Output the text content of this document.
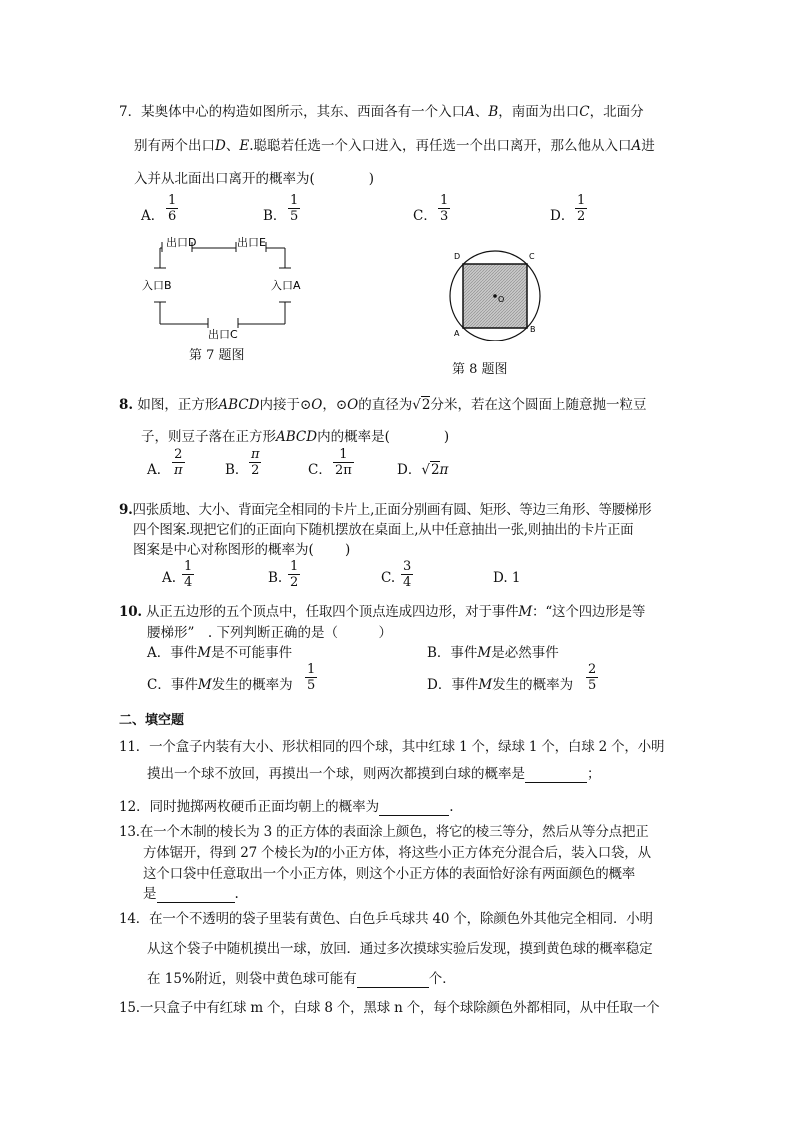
7．某奥体中心的构造如图所示，其东、西面各有一个入口A、B，南面为出口C，北面分
别有两个出口D、E.聪聪若任选一个入口进入，再任选一个出口离开，那么他从入口A进
入并从北面出口离开的概率为(　　　　)
A． $\frac{1}{6}$	B． $\frac{1}{5}$	C． $\frac{1}{3}$	D． $\frac{1}{2}$
出口D	出口E
入口B	入口A
出口C
第 7 题图
O
D	C
A	B
第 8 题图
8. 如图，正方形ABCD内接于⊙O，⊙O的直径为√2分米，若在这个圆面上随意抛一粒豆
子，则豆子落在正方形ABCD内的概率是(　　　　)
A． $\frac{2}{\pi}$	B． $\frac{\pi}{2}$	C． $\frac{1}{2\pi}$	D．√2π
9.四张质地、大小、背面完全相同的卡片上,正面分别画有圆、矩形、等边三角形、等腰梯形
四个图案.现把它们的正面向下随机摆放在桌面上,从中任意抽出一张,则抽出的卡片正面
图案是中心对称图形的概率为(　　 )
A. $\frac{1}{4}$	B. $\frac{1}{2}$	C. $\frac{3}{4}$	D. 1
10. 从正五边形的五个顶点中，任取四个顶点连成四边形，对于事件M：“这个四边形是等
腰梯形”　. 下列判断正确的是（　　　）
A．事件M是不可能事件	B．事件M是必然事件
C．事件M发生的概率为 $\frac{1}{5}$	D．事件M发生的概率为 $\frac{2}{5}$
二、填空题
11．一个盒子内装有大小、形状相同的四个球，其中红球 1 个，绿球 1 个，白球 2 个，小明
摸出一个球不放回，再摸出一个球，则两次都摸到白球的概率是	；
12．同时抛掷两枚硬币正面均朝上的概率为	.
13.在一个木制的棱长为 3 的正方体的表面涂上颜色，将它的棱三等分，然后从等分点把正
方体锯开，得到 27 个棱长为l的小正方体，将这些小正方体充分混合后，装入口袋，从
这个口袋中任意取出一个小正方体，则这个小正方体的表面恰好涂有两面颜色的概率
是	.
14．在一个不透明的袋子里装有黄色、白色乒乓球共 40 个，除颜色外其他完全相同．小明
从这个袋子中随机摸出一球，放回．通过多次摸球实验后发现，摸到黄色球的概率稳定
在 15%附近，则袋中黄色球可能有	个．
15.一只盒子中有红球 m 个，白球 8 个，黑球 n 个，每个球除颜色外都相同，从中任取一个
